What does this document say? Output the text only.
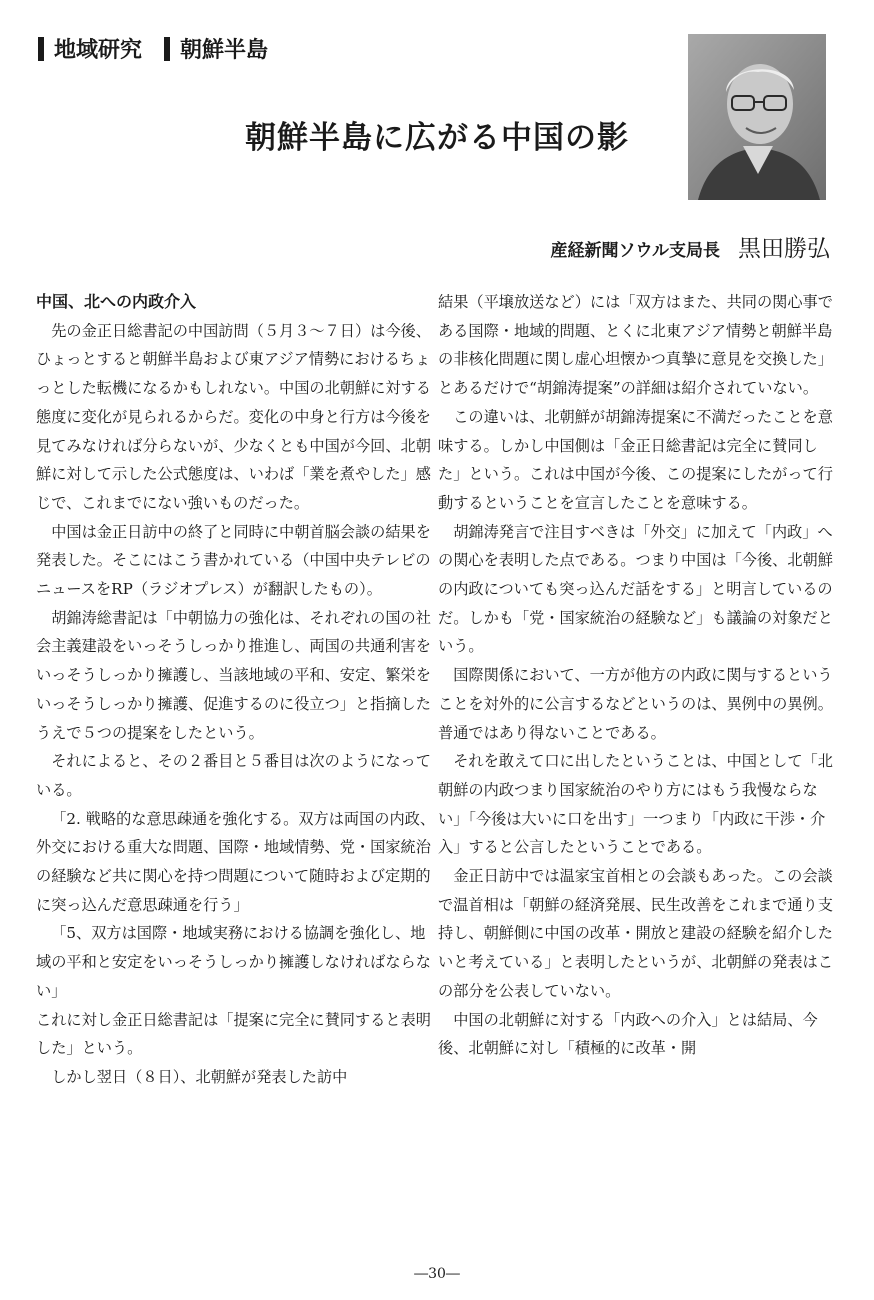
地域研究 朝鮮半島
朝鮮半島に広がる中国の影
産経新聞ソウル支局長 黒田勝弘

中国、北への内政介入

先の金正日総書記の中国訪問（５月３～７日）は今後、ひょっとすると朝鮮半島および東アジア情勢におけるちょっとした転機になるかもしれない。中国の北朝鮮に対する態度に変化が見られるからだ。変化の中身と行方は今後を見てみなければ分らないが、少なくとも中国が今回、北朝鮮に対して示した公式態度は、いわば「業を煮やした」感じで、これまでにない強いものだった。

中国は金正日訪中の終了と同時に中朝首脳会談の結果を発表した。そこにはこう書かれている（中国中央テレビのニュースをRP（ラジオプレス）が翻訳したもの）。

胡錦涛総書記は「中朝協力の強化は、それぞれの国の社会主義建設をいっそうしっかり推進し、両国の共通利害をいっそうしっかり擁護し、当該地域の平和、安定、繁栄をいっそうしっかり擁護、促進するのに役立つ」と指摘したうえで５つの提案をしたという。

それによると、その２番目と５番目は次のようになっている。

「2. 戦略的な意思疎通を強化する。双方は両国の内政、外交における重大な問題、国際・地域情勢、党・国家統治の経験など共に関心を持つ問題について随時および定期的に突っ込んだ意思疎通を行う」

「5、双方は国際・地域実務における協調を強化し、地域の平和と安定をいっそうしっかり擁護しなければならない」

これに対し金正日総書記は「提案に完全に賛同すると表明した」という。

しかし翌日（８日）、北朝鮮が発表した訪中

結果（平壌放送など）には「双方はまた、共同の関心事である国際・地域的問題、とくに北東アジア情勢と朝鮮半島の非核化問題に関し虚心坦懐かつ真摯に意見を交換した」とあるだけで“胡錦涛提案”の詳細は紹介されていない。

この違いは、北朝鮮が胡錦涛提案に不満だったことを意味する。しかし中国側は「金正日総書記は完全に賛同した」という。これは中国が今後、この提案にしたがって行動するということを宣言したことを意味する。

胡錦涛発言で注目すべきは「外交」に加えて「内政」への関心を表明した点である。つまり中国は「今後、北朝鮮の内政についても突っ込んだ話をする」と明言しているのだ。しかも「党・国家統治の経験など」も議論の対象だという。

国際関係において、一方が他方の内政に関与するということを対外的に公言するなどというのは、異例中の異例。普通ではあり得ないことである。

それを敢えて口に出したということは、中国として「北朝鮮の内政つまり国家統治のやり方にはもう我慢ならない」「今後は大いに口を出す」一つまり「内政に干渉・介入」すると公言したということである。

金正日訪中では温家宝首相との会談もあった。この会談で温首相は「朝鮮の経済発展、民生改善をこれまで通り支持し、朝鮮側に中国の改革・開放と建設の経験を紹介したいと考えている」と表明したというが、北朝鮮の発表はこの部分を公表していない。

中国の北朝鮮に対する「内政への介入」とは結局、今後、北朝鮮に対し「積極的に改革・開

―30―
